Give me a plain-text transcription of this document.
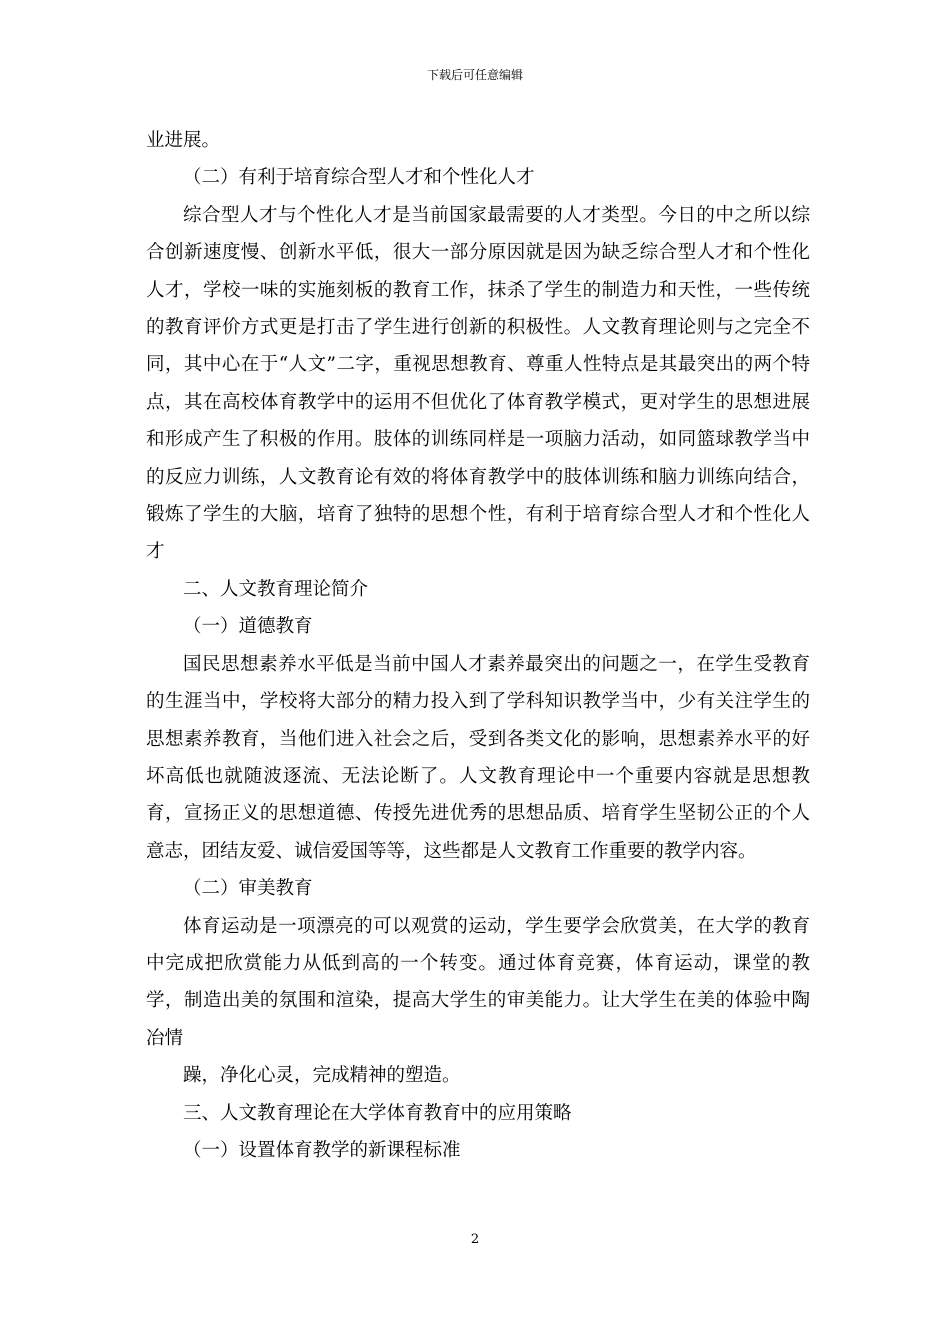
下载后可任意编辑

业进展。

（二）有利于培育综合型人才和个性化人才

综合型人才与个性化人才是当前国家最需要的人才类型。今日的中之所以综合创新速度慢、创新水平低，很大一部分原因就是因为缺乏综合型人才和个性化人才，学校一味的实施刻板的教育工作，抹杀了学生的制造力和天性，一些传统的教育评价方式更是打击了学生进行创新的积极性。人文教育理论则与之完全不同，其中心在于“人文”二字，重视思想教育、尊重人性特点是其最突出的两个特点，其在高校体育教学中的运用不但优化了体育教学模式，更对学生的思想进展和形成产生了积极的作用。肢体的训练同样是一项脑力活动，如同篮球教学当中的反应力训练，人文教育论有效的将体育教学中的肢体训练和脑力训练向结合，锻炼了学生的大脑，培育了独特的思想个性，有利于培育综合型人才和个性化人才

二、人文教育理论简介

（一）道德教育

国民思想素养水平低是当前中国人才素养最突出的问题之一，在学生受教育的生涯当中，学校将大部分的精力投入到了学科知识教学当中，少有关注学生的思想素养教育，当他们进入社会之后，受到各类文化的影响，思想素养水平的好坏高低也就随波逐流、无法论断了。人文教育理论中一个重要内容就是思想教育，宣扬正义的思想道德、传授先进优秀的思想品质、培育学生坚韧公正的个人意志，团结友爱、诚信爱国等等，这些都是人文教育工作重要的教学内容。

（二）审美教育

体育运动是一项漂亮的可以观赏的运动，学生要学会欣赏美，在大学的教育中完成把欣赏能力从低到高的一个转变。通过体育竞赛，体育运动，课堂的教学，制造出美的氛围和渲染，提高大学生的审美能力。让大学生在美的体验中陶冶情

躁，净化心灵，完成精神的塑造。

三、人文教育理论在大学体育教育中的应用策略

（一）设置体育教学的新课程标准

2
